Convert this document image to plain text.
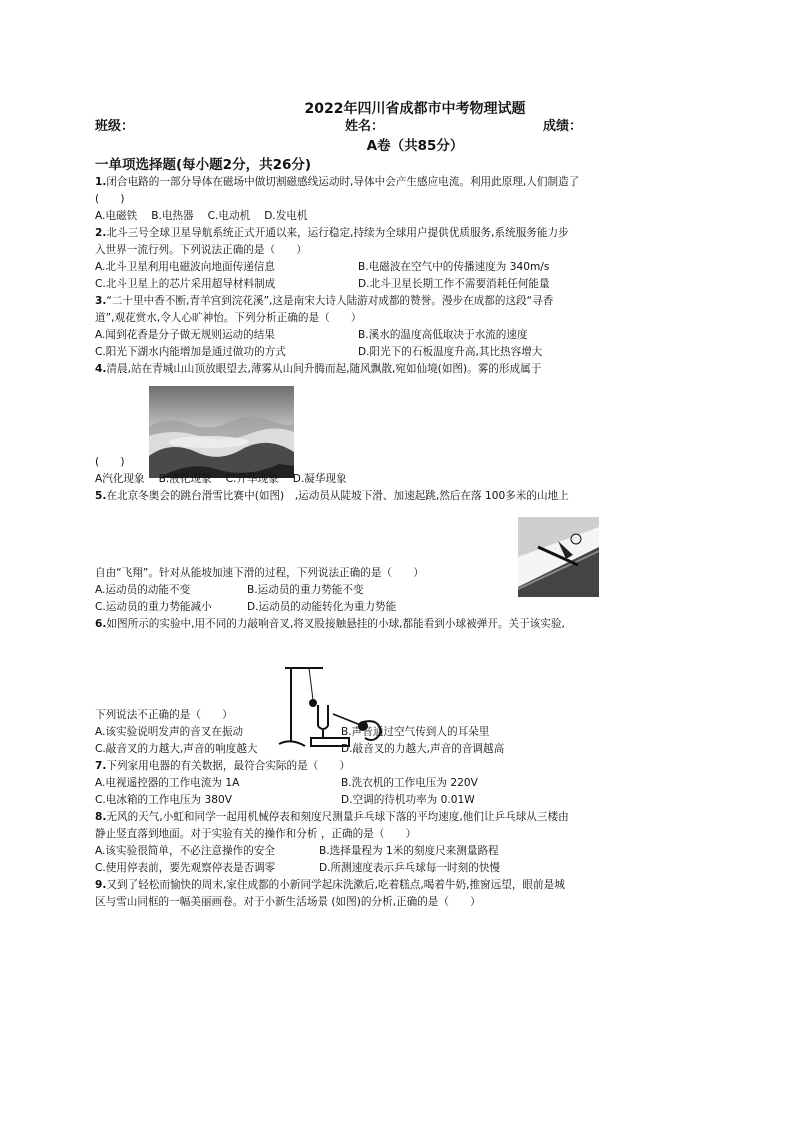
2022年四川省成都市中考物理试题
班级：	姓名：	成绩：
A卷（共85分）
一单项选择题(每小题2分，共26分)
1.闭合电路的一部分导体在磁场中做切割磁感线运动时,导体中会产生感应电流。利用此原理,人们制造了
(　　)
A.电磁铁 B.电热器 C.电动机 D.发电机
2.北斗三号全球卫星导航系统正式开通以来，运行稳定,持续为全球用户提供优质服务,系统服务能力步
入世界一流行列。下列说法正确的是（　　）
A.北斗卫星利用电磁波向地面传递信息	B.电磁波在空气中的传播速度为 340m/s
C.北斗卫星上的芯片采用超导材料制成	D.北斗卫星长期工作不需要消耗任何能量
3.“二十里中香不断,青羊宫到浣花溪”,这是南宋大诗人陆游对成都的赞誉。漫步在成都的这段“寻香
道”,观花赏水,令人心旷神怡。下列分析正确的是（　　）
A.闻到花香是分子做无规则运动的结果	B.溪水的温度高低取决于水流的速度
C.阳光下湖水内能增加是通过做功的方式	D.阳光下的石板温度升高,其比热容增大
4.清晨,站在青城山山顶放眼望去,薄雾从山间升腾而起,随风飘散,宛如仙境(如图)。雾的形成属于
(　　)
A汽化现象 B.液化现象 C.升华现象 D.凝华现象
5.在北京冬奥会的跳台滑雪比赛中(如图)　,运动员从陡坡下滑、加速起跳,然后在落 100多米的山地上
自由“飞翔”。针对从能坡加速下滑的过程，下列说法正确的是（　　）
A.运动员的动能不变	B.运动员的重力势能不变
C.运动员的重力势能减小	D.运动员的动能转化为重力势能
6.如图所示的实验中,用不同的力敲响音叉,将叉股接触悬挂的小球,都能看到小球被弹开。关于该实验,
下列说法不正确的是（　　）
A.该实验说明发声的音叉在振动	B.声音通过空气传到人的耳朵里
C.敲音叉的力越大,声音的响度越大	D.敲音叉的力越大,声音的音调越高
7.下列家用电器的有关数据，最符合实际的是（　　）
A.电视遥控器的工作电流为 1A	B.洗衣机的工作电压为 220V
C.电冰箱的工作电压为 380V	D.空调的待机功率为 0.01W
8.无风的天气,小虹和同学一起用机械停表和刻度尺测量乒乓球下落的平均速度,他们让乒乓球从三楼由
静止竖直落到地面。对于实验有关的操作和分析 ，正确的是（　　）
A.该实验很简单，不必注意操作的安全	B.选择量程为 1米的刻度尺来测量路程
C.使用停表前，要先观察停表是否调零	D.所测速度表示乒乓球每一时刻的快慢
9.又到了轻松而愉快的周末,家住成都的小新同学起床洗漱后,吃着糕点,喝着牛奶,推窗远望，眼前是城
区与雪山同框的一幅美丽画卷。对于小新生活场景 (如图)的分析,正确的是（　　）
